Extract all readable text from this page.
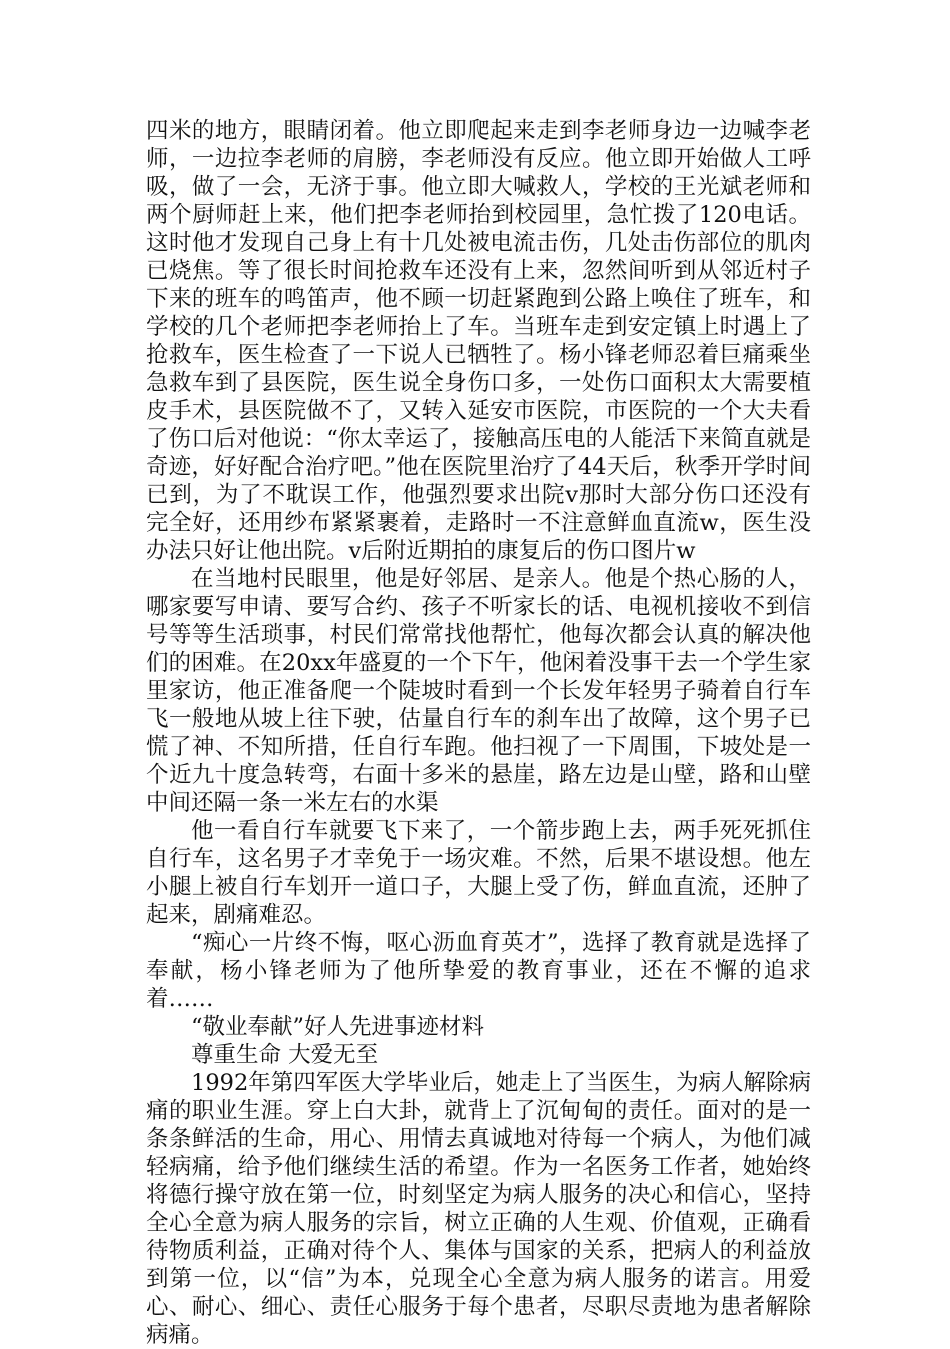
四米的地方，眼睛闭着。他立即爬起来走到李老师身边一边喊李老师，一边拉李老师的肩膀，李老师没有反应。他立即开始做人工呼吸，做了一会，无济于事。他立即大喊救人，学校的王光斌老师和两个厨师赶上来，他们把李老师抬到校园里，急忙拨了120电话。这时他才发现自己身上有十几处被电流击伤，几处击伤部位的肌肉已烧焦。等了很长时间抢救车还没有上来，忽然间听到从邻近村子下来的班车的鸣笛声，他不顾一切赶紧跑到公路上唤住了班车，和学校的几个老师把李老师抬上了车。当班车走到安定镇上时遇上了抢救车，医生检查了一下说人已牺牲了。杨小锋老师忍着巨痛乘坐急救车到了县医院，医生说全身伤口多，一处伤口面积太大需要植皮手术，县医院做不了，又转入延安市医院，市医院的一个大夫看了伤口后对他说：“你太幸运了，接触高压电的人能活下来简直就是奇迹，好好配合治疗吧。”他在医院里治疗了44天后，秋季开学时间已到，为了不耽误工作，他强烈要求出院v那时大部分伤口还没有完全好，还用纱布紧紧裹着，走路时一不注意鲜血直流w，医生没办法只好让他出院。v后附近期拍的康复后的伤口图片w

在当地村民眼里，他是好邻居、是亲人。他是个热心肠的人，哪家要写申请、要写合约、孩子不听家长的话、电视机接收不到信号等等生活琐事，村民们常常找他帮忙，他每次都会认真的解决他们的困难。在20xx年盛夏的一个下午，他闲着没事干去一个学生家里家访，他正准备爬一个陡坡时看到一个长发年轻男子骑着自行车飞一般地从坡上往下驶，估量自行车的刹车出了故障，这个男子已慌了神、不知所措，任自行车跑。他扫视了一下周围，下坡处是一个近九十度急转弯，右面十多米的悬崖，路左边是山壁，路和山壁中间还隔一条一米左右的水渠

他一看自行车就要飞下来了，一个箭步跑上去，两手死死抓住自行车，这名男子才幸免于一场灾难。不然，后果不堪设想。他左小腿上被自行车划开一道口子，大腿上受了伤，鲜血直流，还肿了起来，剧痛难忍。

“痴心一片终不悔，呕心沥血育英才”，选择了教育就是选择了奉献，杨小锋老师为了他所挚爱的教育事业，还在不懈的追求着……

“敬业奉献”好人先进事迹材料

尊重生命 大爱无至

1992年第四军医大学毕业后，她走上了当医生，为病人解除病痛的职业生涯。穿上白大卦，就背上了沉甸甸的责任。面对的是一条条鲜活的生命，用心、用情去真诚地对待每一个病人，为他们减轻病痛，给予他们继续生活的希望。作为一名医务工作者，她始终将德行操守放在第一位，时刻坚定为病人服务的决心和信心，坚持全心全意为病人服务的宗旨，树立正确的人生观、价值观，正确看待物质利益，正确对待个人、集体与国家的关系，把病人的利益放到第一位，以“信”为本，兑现全心全意为病人服务的诺言。用爱心、耐心、细心、责任心服务于每个患者，尽职尽责地为患者解除病痛。
